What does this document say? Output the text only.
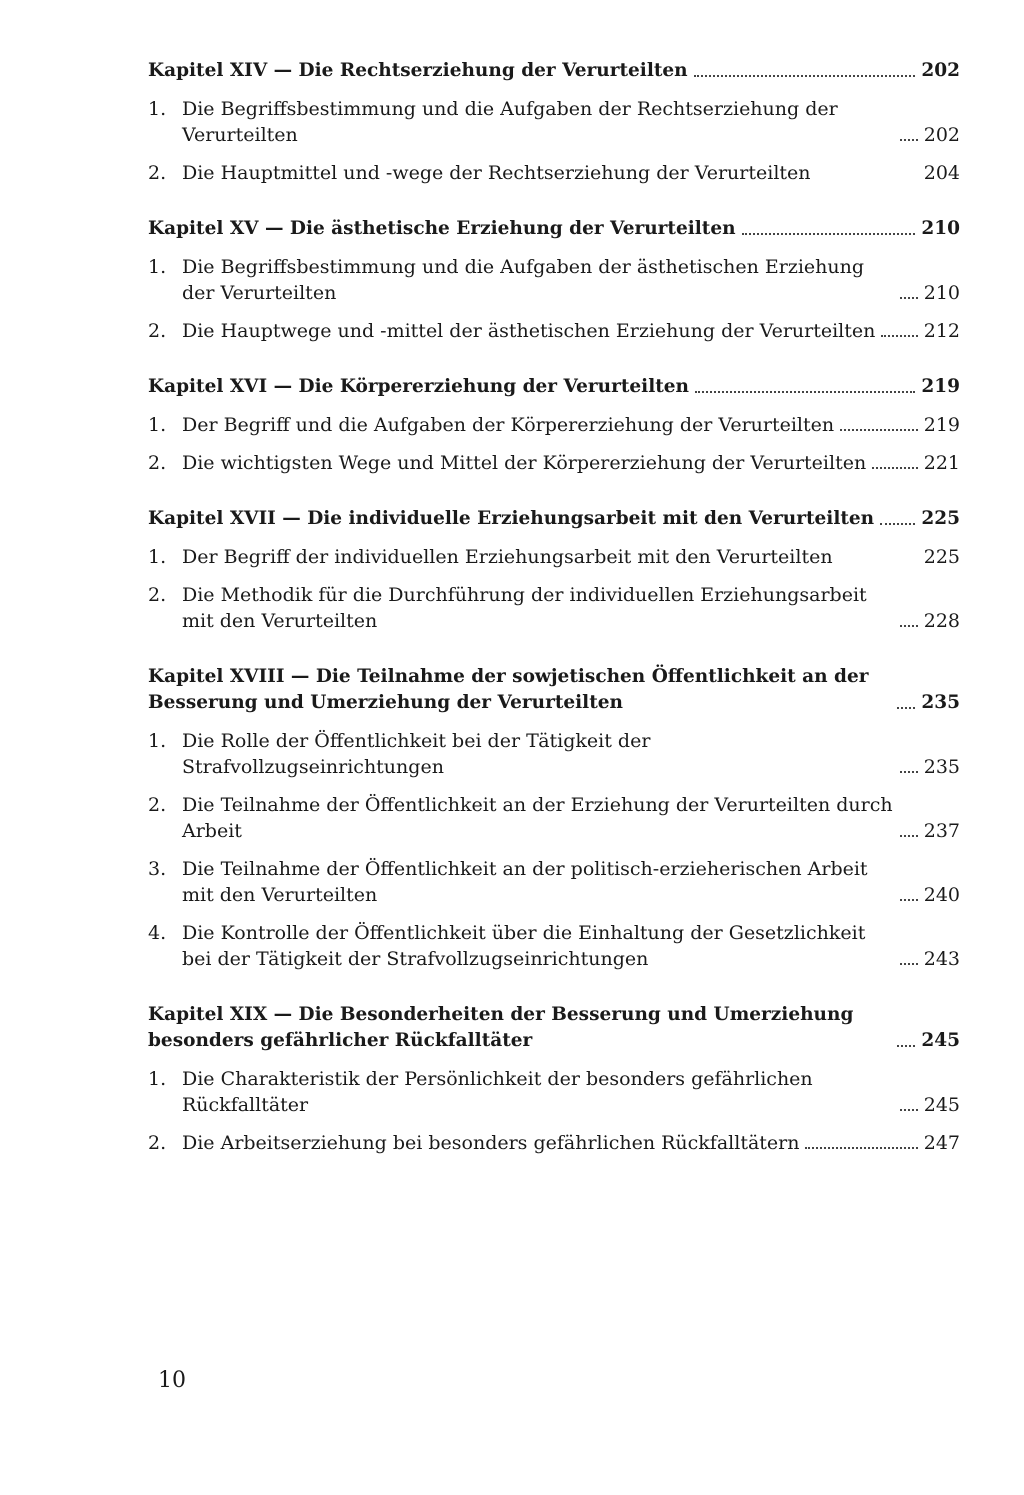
Kapitel XIV — Die Rechtserziehung der Verurteilten	202
1. Die Begriffsbestimmung und die Aufgaben der Rechtserziehung der Verurteilten	202
2. Die Hauptmittel und -wege der Rechtserziehung der Verurteilten	204
Kapitel XV — Die ästhetische Erziehung der Verurteilten	210
1. Die Begriffsbestimmung und die Aufgaben der ästhetischen Erziehung der Verurteilten	210
2. Die Hauptwege und -mittel der ästhetischen Erziehung der Verurteilten	212
Kapitel XVI — Die Körpererziehung der Verurteilten	219
1. Der Begriff und die Aufgaben der Körpererziehung der Verurteilten	219
2. Die wichtigsten Wege und Mittel der Körpererziehung der Verurteilten	221
Kapitel XVII — Die individuelle Erziehungsarbeit mit den Verurteilten	225
1. Der Begriff der individuellen Erziehungsarbeit mit den Verurteilten	225
2. Die Methodik für die Durchführung der individuellen Erziehungsarbeit mit den Verurteilten	228
Kapitel XVIII — Die Teilnahme der sowjetischen Öffentlichkeit an der Besserung und Umerziehung der Verurteilten	235
1. Die Rolle der Öffentlichkeit bei der Tätigkeit der Strafvollzugseinrichtungen	235
2. Die Teilnahme der Öffentlichkeit an der Erziehung der Verurteilten durch Arbeit	237
3. Die Teilnahme der Öffentlichkeit an der politisch-erzieherischen Arbeit mit den Verurteilten	240
4. Die Kontrolle der Öffentlichkeit über die Einhaltung der Gesetzlichkeit bei der Tätigkeit der Strafvollzugseinrichtungen	243
Kapitel XIX — Die Besonderheiten der Besserung und Umerziehung besonders gefährlicher Rückfalltäter	245
1. Die Charakteristik der Persönlichkeit der besonders gefährlichen Rückfalltäter	245
2. Die Arbeitserziehung bei besonders gefährlichen Rückfalltätern	247
10
